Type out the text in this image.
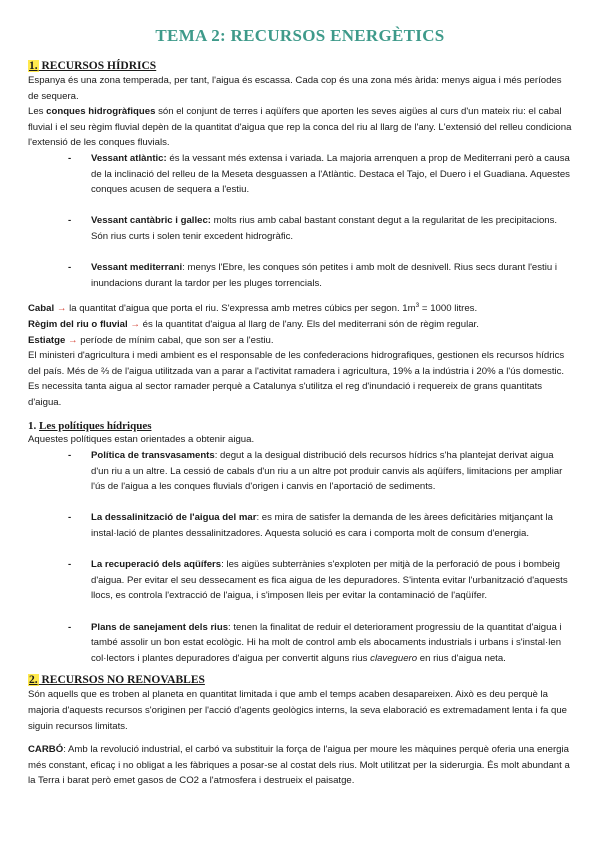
TEMA 2: RECURSOS ENERGÈTICS
1. RECURSOS HÍDRICS

Espanya és una zona temperada, per tant, l'aigua és escassa. Cada cop és una zona més àrida: menys aigua i més períodes de sequera.

Les conques hidrogràfiques són el conjunt de terres i aqüífers que aporten les seves aigües al curs d'un mateix riu: el cabal fluvial i el seu règim fluvial depèn de la quantitat d'aigua que rep la conca del riu al llarg de l'any. L'extensió del relleu condiciona l'extensió de les conques fluvials.

- Vessant atlàntic: és la vessant més extensa i variada. La majoria arrenquen a prop de Mediterrani però a causa de la inclinació del relleu de la Meseta desguassen a l'Atlàntic. Destaca el Tajo, el Duero i el Guadiana. Aquestes conques acusen de sequera a l'estiu.
- Vessant cantàbric i gallec: molts rius amb cabal bastant constant degut a la regularitat de les precipitacions. Són rius curts i solen tenir excedent hidrogràfic.
- Vessant mediterrani: menys l'Ebre, les conques són petites i amb molt de desnivell. Rius secs durant l'estiu i inundacions durant la tardor per les pluges torrencials.

Cabal → la quantitat d'aigua que porta el riu. S'expressa amb metres cúbics per segon. $1m^3 = 1000$ litres.

Règim del riu o fluvial → és la quantitat d'aigua al llarg de l'any. Els del mediterrani són de règim regular.

Estiatge → període de mínim cabal, que son ser a l'estiu.

El ministeri d'agricultura i medi ambient es el responsable de les confederacions hidrografiques, gestionen els recursos hídrics del país. Més de ⅔ de l'aigua utilitzada van a parar a l'activitat ramadera i agricultura, 19% a la indústria i 20% a l'ús domestic. Es necessita tanta aigua al sector ramader perquè a Catalunya s'utilitza el reg d'inundació i requereix de grans quantitats d'aigua.

1. Les polítiques hídriques

Aquestes polítiques estan orientades a obtenir aigua.

- Política de transvasaments: degut a la desigual distribució dels recursos hídrics s'ha plantejat derivat aigua d'un riu a un altre. La cessió de cabals d'un riu a un altre pot produir canvis als aqüífers, limitacions per ampliar l'ús de l'aigua a les conques fluvials d'origen i canvis en l'aportació de sediments.
- La dessalinització de l'aigua del mar: es mira de satisfer la demanda de les àrees deficitàries mitjançant la instal·lació de plantes dessalinitzadores. Aquesta solució es cara i comporta molt de consum d'energia.
- La recuperació dels aqüífers: les aigües subterrànies s'exploten per mitjà de la perforació de pous i bombeig d'aigua. Per evitar el seu dessecament es fica aigua de les depuradores. S'intenta evitar l'urbanització d'aquests llocs, es controla l'extracció de l'aigua, i s'imposen lleis per evitar la contaminació de l'aqüífer.
- Plans de sanejament dels rius: tenen la finalitat de reduir el deteriorament progressiu de la quantitat d'aigua i també assolir un bon estat ecològic. Hi ha molt de control amb els abocaments industrials i urbans i s'instal·len col·lectors i plantes depuradores d'aigua per convertit alguns rius claveguero en rius d'aigua neta.
2. RECURSOS NO RENOVABLES

Són aquells que es troben al planeta en quantitat limitada i que amb el temps acaben desapareixen. Això es deu perquè la majoria d'aquests recursos s'originen per l'acció d'agents geològics interns, la seva elaboració es extremadament lenta i fa que siguin recursos limitats.

CARBÓ: Amb la revolució industrial, el carbó va substituir la força de l'aigua per moure les màquines perquè oferia una energia més constant, eficaç i no obligat a les fàbriques a posar-se al costat dels rius. Molt utilitzat per la siderurgia. És molt abundant a la Terra i barat però emet gasos de CO2 a l'atmosfera i destrueix el paisatge.
